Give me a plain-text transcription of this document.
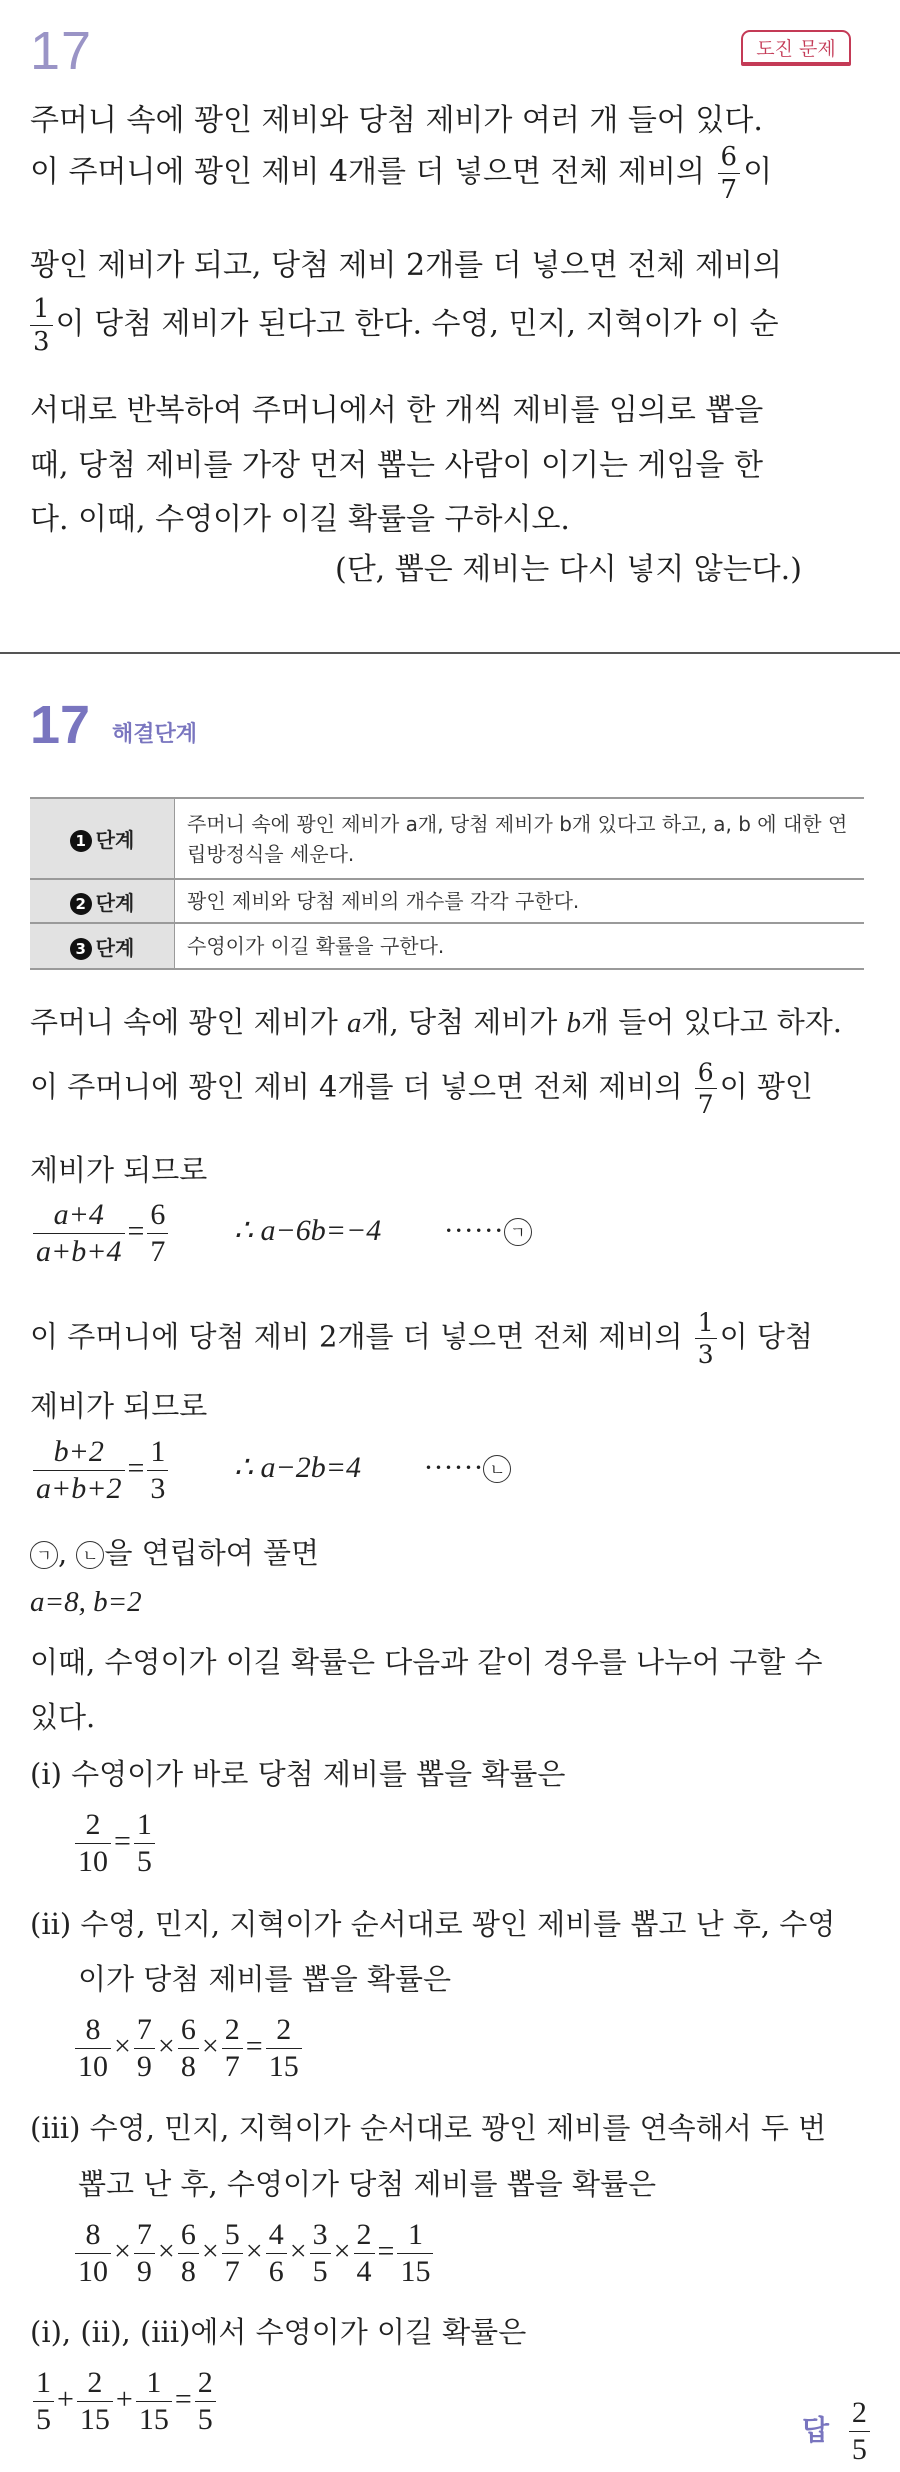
17	도진 문제
주머니 속에 꽝인 제비와 당첨 제비가 여러 개 들어 있다.
이 주머니에 꽝인 제비 4개를 더 넣으면 전체 제비의 $\frac{6}{7}$ 이
꽝인 제비가 되고, 당첨 제비 2개를 더 넣으면 전체 제비의
$\frac{1}{3}$ 이 당첨 제비가 된다고 한다. 수영, 민지, 지혁이가 이 순
서대로 반복하여 주머니에서 한 개씩 제비를 임의로 뽑을
때, 당첨 제비를 가장 먼저 뽑는 사람이 이기는 게임을 한
다. 이때, 수영이가 이길 확률을 구하시오.
(단, 뽑은 제비는 다시 넣지 않는다.)
17 해결단계
1 단계	주머니 속에 꽝인 제비가 a개, 당첨 제비가 b개 있다고 하고, a, b 에 대한 연립방정식을 세운다.
2 단계	꽝인 제비와 당첨 제비의 개수를 각각 구한다.
3 단계	수영이가 이길 확률을 구한다.
주머니 속에 꽝인 제비가 a개, 당첨 제비가 b개 들어 있다고 하자.
이 주머니에 꽝인 제비 4개를 더 넣으면 전체 제비의 $\frac{6}{7}$ 이 꽝인
제비가 되므로
$\frac{a+4}{a+b+4} = \frac{6}{7}$ ∴ a−6b=−4 ······ ㄱ
이 주머니에 당첨 제비 2개를 더 넣으면 전체 제비의 $\frac{1}{3}$ 이 당첨
제비가 되므로
$\frac{b+2}{a+b+2} = \frac{1}{3}$ ∴ a−2b=4 ······ ㄴ
ㄱ , ㄴ 을 연립하여 풀면
a=8, b=2
이때, 수영이가 이길 확률은 다음과 같이 경우를 나누어 구할 수
있다.
(i) 수영이가 바로 당첨 제비를 뽑을 확률은
$\frac{2}{10} = \frac{1}{5}$
(ii) 수영, 민지, 지혁이가 순서대로 꽝인 제비를 뽑고 난 후, 수영
이가 당첨 제비를 뽑을 확률은
$\frac{8}{10} \times \frac{7}{9} \times \frac{6}{8} \times \frac{2}{7} = \frac{2}{15}$
(iii) 수영, 민지, 지혁이가 순서대로 꽝인 제비를 연속해서 두 번
뽑고 난 후, 수영이가 당첨 제비를 뽑을 확률은
$\frac{8}{10} \times \frac{7}{9} \times \frac{6}{8} \times \frac{5}{7} \times \frac{4}{6} \times \frac{3}{5} \times \frac{2}{4} = \frac{1}{15}$
(i), (ii), (iii)에서 수영이가 이길 확률은
$\frac{1}{5} + \frac{2}{15} + \frac{1}{15} = \frac{2}{5}$	답 $\frac{2}{5}$
